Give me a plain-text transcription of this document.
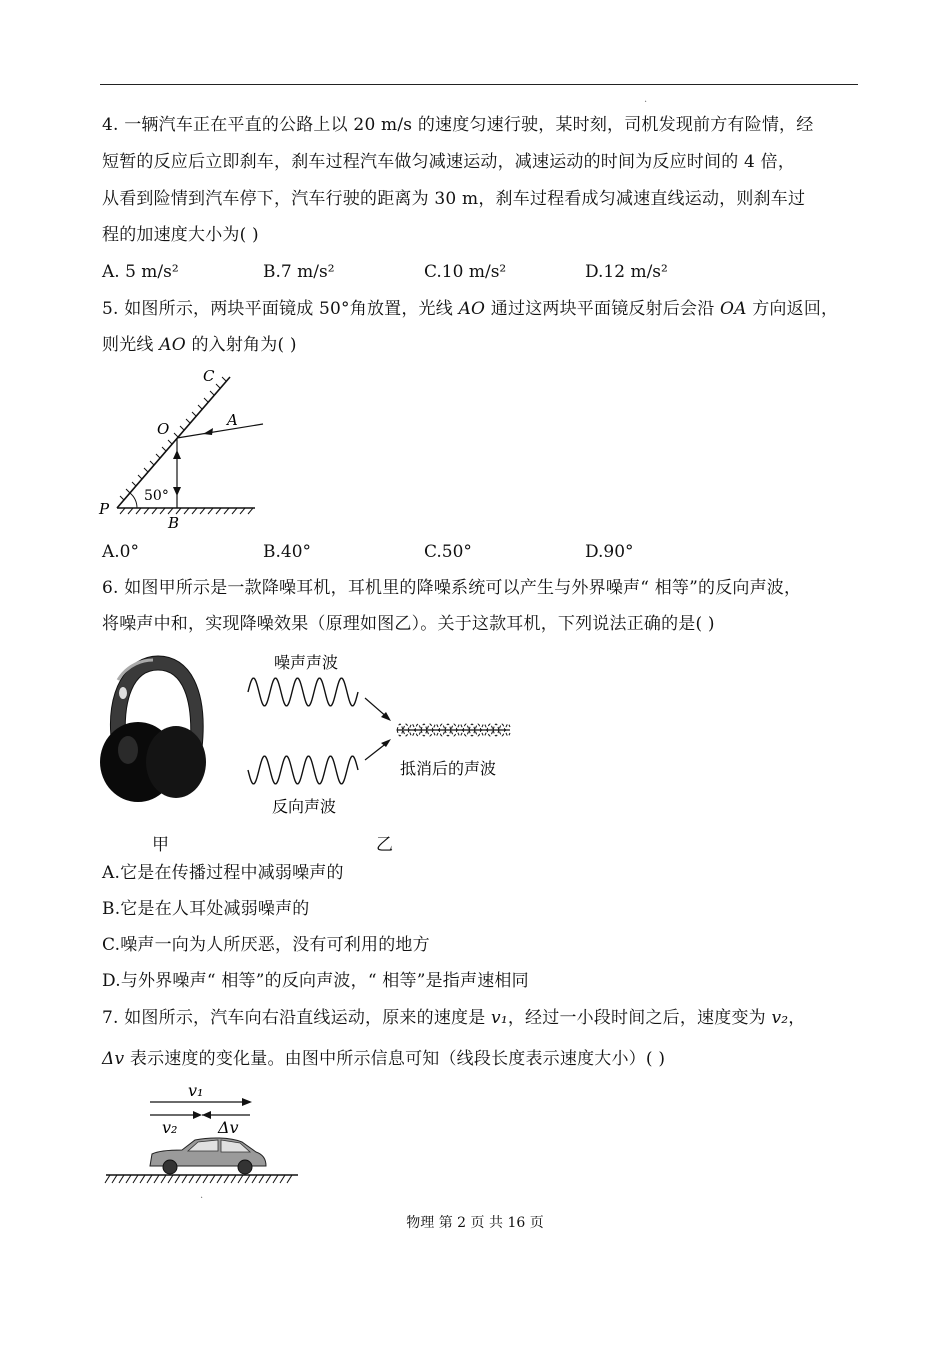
.
4. 一辆汽车正在平直的公路上以 20 m/s 的速度匀速行驶，某时刻，司机发现前方有险情，经
短暂的反应后立即刹车，刹车过程汽车做匀减速运动，减速运动的时间为反应时间的 4 倍，
从看到险情到汽车停下，汽车行驶的距离为 30 m，刹车过程看成匀减速直线运动，则刹车过
程的加速度大小为( )
A. 5 m/s²	B.7 m/s²	C.10 m/s²	D.12 m/s²
5. 如图所示，两块平面镜成 50°角放置，光线 AO 通过这两块平面镜反射后会沿 OA 方向返回，
则光线 AO 的入射角为( )
C
O	A
P
B
50°
A.0°	B.40°	C.50°	D.90°
6. 如图甲所示是一款降噪耳机，耳机里的降噪系统可以产生与外界噪声“ 相等”的反向声波，
将噪声中和，实现降噪效果（原理如图乙）。关于这款耳机，下列说法正确的是( )
噪声声波
抵消后的声波
反向声波
甲	乙
A.它是在传播过程中减弱噪声的
B.它是在人耳处减弱噪声的
C.噪声一向为人所厌恶，没有可利用的地方
D.与外界噪声“ 相等”的反向声波，“ 相等”是指声速相同
7. 如图所示，汽车向右沿直线运动，原来的速度是 v₁，经过一小段时间之后，速度变为 v₂，
Δv 表示速度的变化量。由图中所示信息可知（线段长度表示速度大小）( )
v₁
v₂	Δv
.
物理 第 2 页 共 16 页
